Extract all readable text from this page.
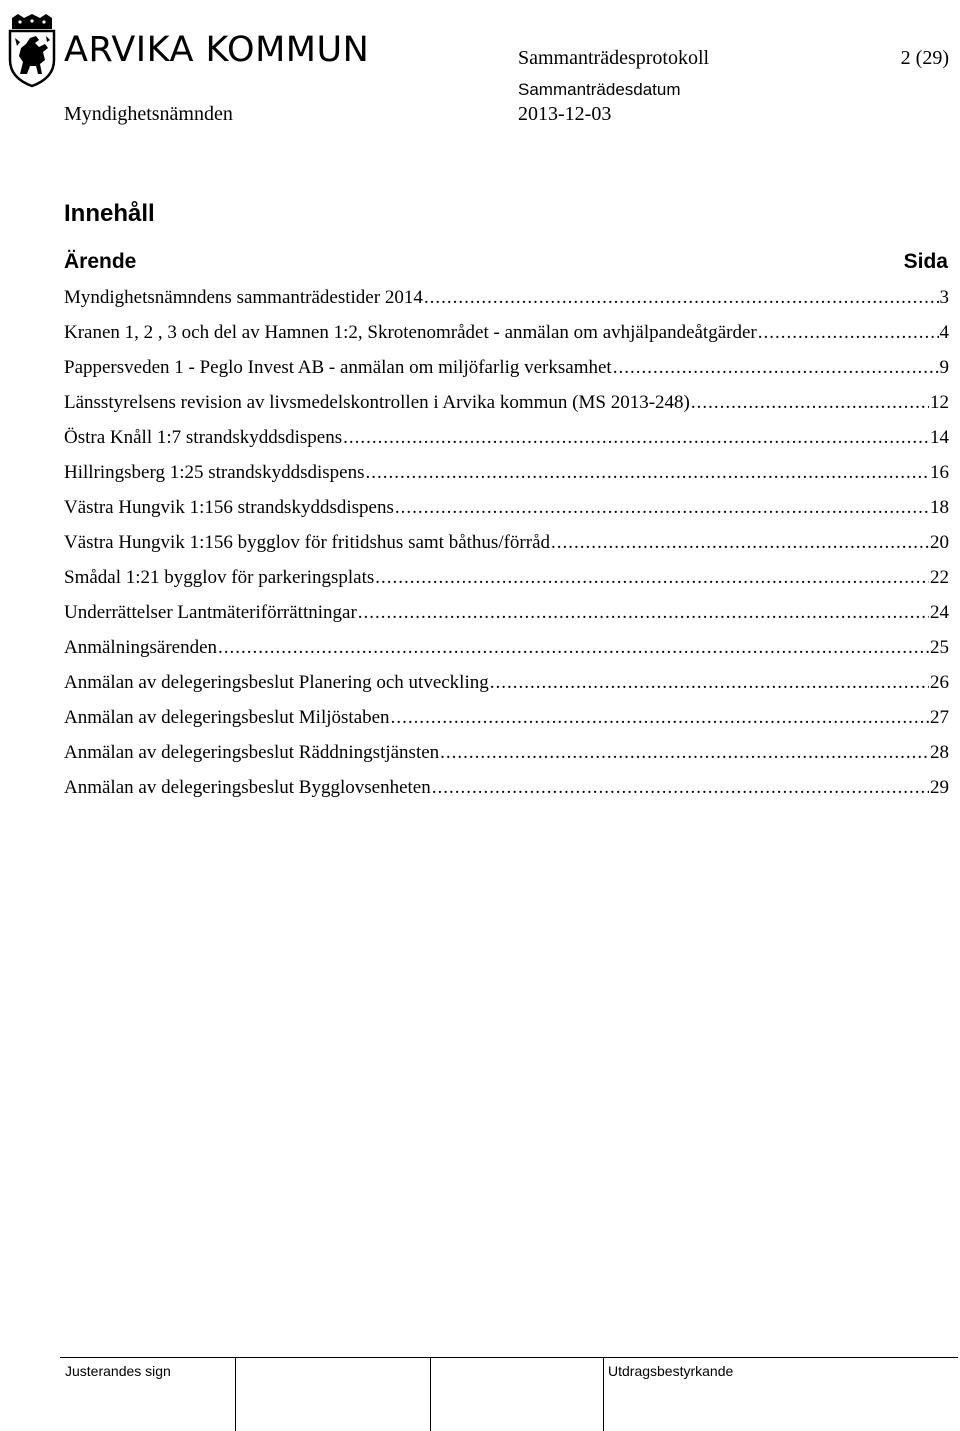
ARVIKA KOMMUN	Sammanträdesprotokoll	2 (29)
Sammanträdesdatum
Myndighetsnämnden	2013-12-03
Innehåll
Ärende	Sida
Myndighetsnämndens sammanträdestider 2014 .....	3
Kranen 1, 2 , 3 och del av Hamnen 1:2, Skrotenområdet - anmälan om avhjälpandeåtgärder .....	4
Pappersveden 1 - Peglo Invest AB - anmälan om miljöfarlig verksamhet .....	9
Länsstyrelsens revision av livsmedelskontrollen i Arvika kommun (MS 2013-248) .....	12
Östra Knåll 1:7 strandskyddsdispens .....	14
Hillringsberg 1:25 strandskyddsdispens .....	16
Västra Hungvik 1:156 strandskyddsdispens .....	18
Västra Hungvik 1:156 bygglov för fritidshus samt båthus/förråd .....	20
Smådal 1:21 bygglov för parkeringsplats .....	22
Underrättelser Lantmäteriförrättningar .....	24
Anmälningsärenden .....	25
Anmälan av delegeringsbeslut Planering och utveckling .....	26
Anmälan av delegeringsbeslut Miljöstaben .....	27
Anmälan av delegeringsbeslut Räddningstjänsten .....	28
Anmälan av delegeringsbeslut Bygglovsenheten .....	29
Justerandes sign	Utdragsbestyrkande
